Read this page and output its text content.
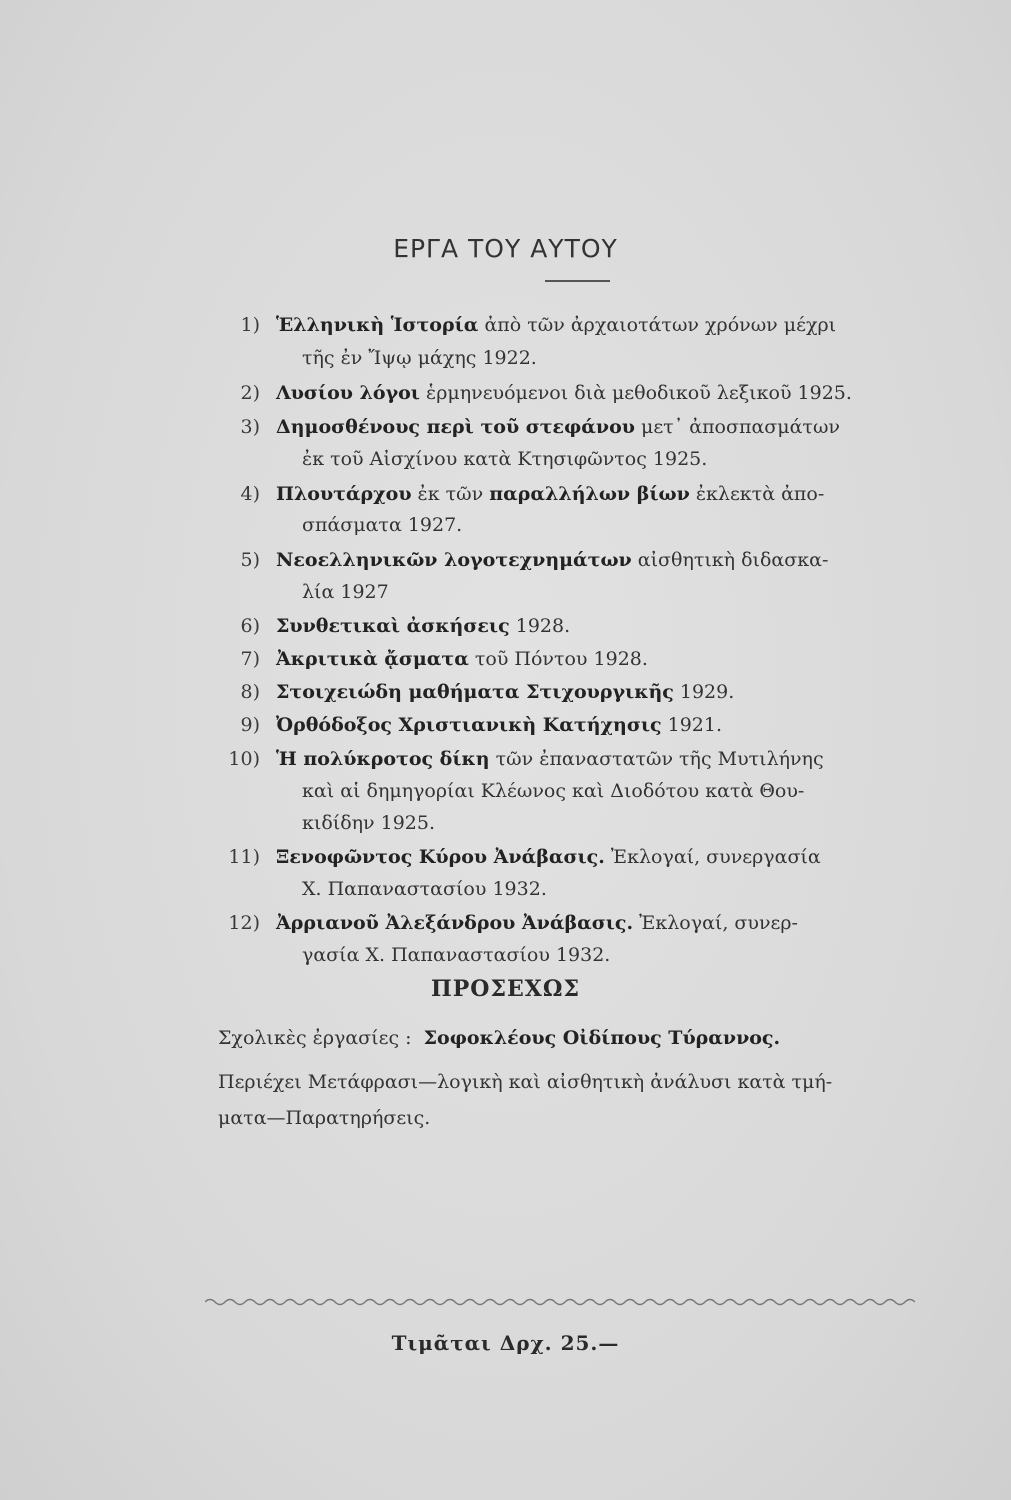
ΕΡΓΑ ΤΟΥ ΑΥΤΟΥ
1) Ἑλληνικὴ Ἱστορία ἀπὸ τῶν ἀρχαιοτάτων χρόνων μέχρι
τῆς ἐν Ἴψῳ μάχης 1922.
2) Λυσίου λόγοι ἑρμηνευόμενοι διὰ μεθοδικοῦ λεξικοῦ 1925.
3) Δημοσθένους περὶ τοῦ στεφάνου μετ᾽ ἀποσπασμάτων
ἐκ τοῦ Αἰσχίνου κατὰ Κτησιφῶντος 1925.
4) Πλουτάρχου ἐκ τῶν παραλλήλων βίων ἐκλεκτὰ ἀπο-
σπάσματα 1927.
5) Νεοελληνικῶν λογοτεχνημάτων αἰσθητικὴ διδασκα-
λία 1927
6) Συνθετικαὶ ἀσκήσεις 1928.
7) Ἀκριτικὰ ᾄσματα τοῦ Πόντου 1928.
8) Στοιχειώδη μαθήματα Στιχουργικῆς 1929.
9) Ὀρθόδοξος Χριστιανικὴ Κατήχησις 1921.
10) Ἡ πολύκροτος δίκη τῶν ἐπαναστατῶν τῆς Μυτιλήνης
καὶ αἱ δημηγορίαι Κλέωνος καὶ Διοδότου κατὰ Θου-
κιδίδην 1925.
11) Ξενοφῶντος Κύρου Ἀνάβασις. Ἐκλογαί, συνεργασία
Χ. Παπαναστασίου 1932.
12) Ἀρριανοῦ Ἀλεξάνδρου Ἀνάβασις. Ἐκλογαί, συνερ-
γασία Χ. Παπαναστασίου 1932.
ΠΡΟΣΕΧΩΣ
Σχολικὲς ἐργασίες : Σοφοκλέους Οἰδίπους Τύραννος.
Περιέχει Μετάφρασι—λογικὴ καὶ αἰσθητικὴ ἀνάλυσι κατὰ τμή-
ματα—Παρατηρήσεις.
Τιμᾶται Δρχ. 25.—
